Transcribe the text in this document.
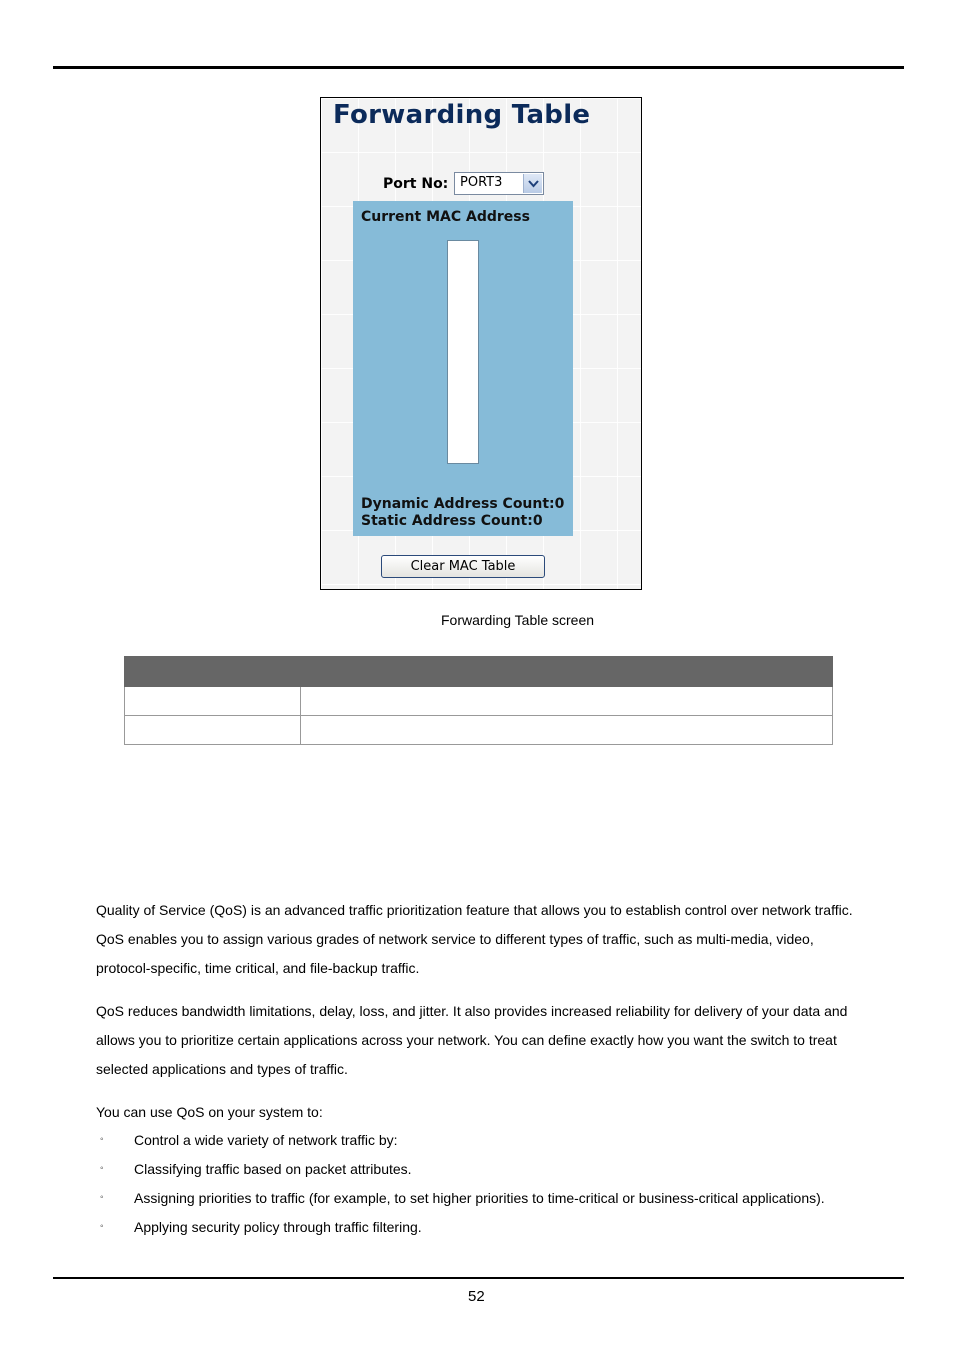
Forwarding Table
Port No: PORT3
Current MAC Address
Dynamic Address Count:0
Static Address Count:0
Clear MAC Table
Forwarding Table screen

Quality of Service (QoS) is an advanced traffic prioritization feature that allows you to establish control over network traffic. QoS enables you to assign various grades of network service to different types of traffic, such as multi-media, video, protocol-specific, time critical, and file-backup traffic.
QoS reduces bandwidth limitations, delay, loss, and jitter. It also provides increased reliability for delivery of your data and allows you to prioritize certain applications across your network. You can define exactly how you want the switch to treat selected applications and types of traffic.
You can use QoS on your system to:
◦ Control a wide variety of network traffic by:
◦ Classifying traffic based on packet attributes.
◦ Assigning priorities to traffic (for example, to set higher priorities to time-critical or business-critical applications).
◦ Applying security policy through traffic filtering.
52
